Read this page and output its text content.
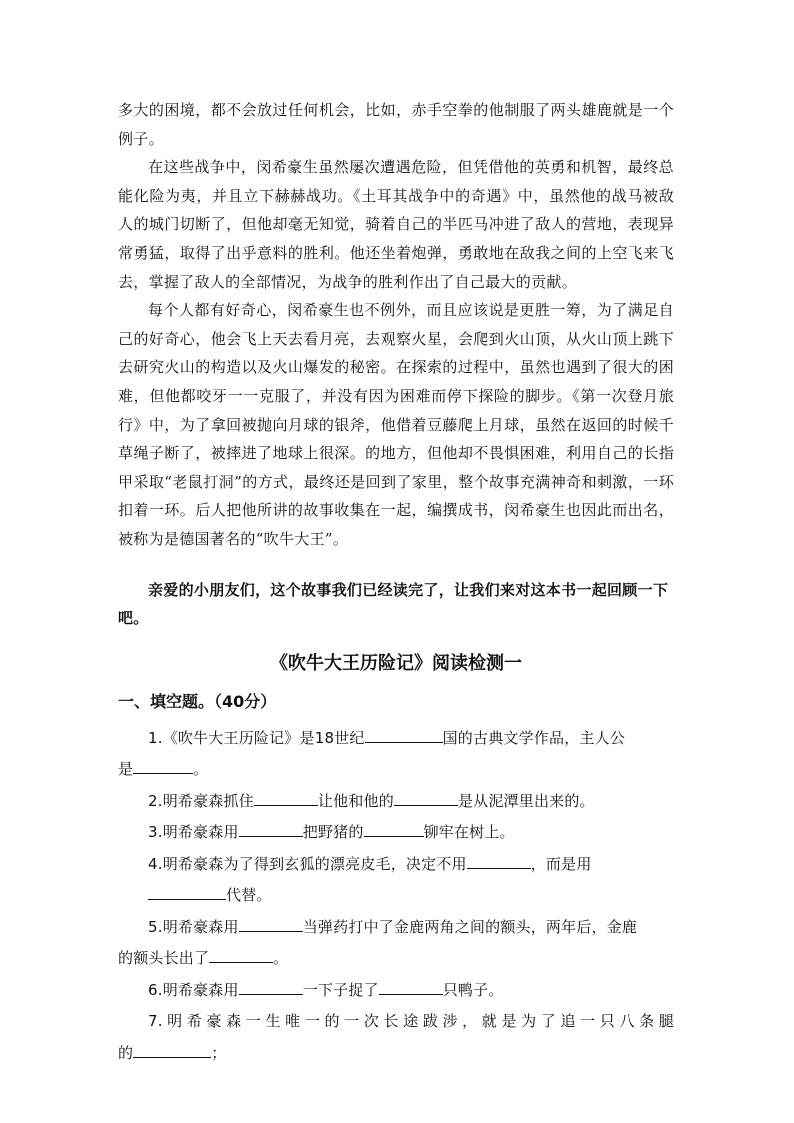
多大的困境，都不会放过任何机会，比如，赤手空拳的他制服了两头雄鹿就是一个例子。

在这些战争中，闵希豪生虽然屡次遭遇危险，但凭借他的英勇和机智，最终总能化险为夷，并且立下赫赫战功。《土耳其战争中的奇遇》中，虽然他的战马被敌人的城门切断了，但他却毫无知觉，骑着自己的半匹马冲进了敌人的营地，表现异常勇猛，取得了出乎意料的胜利。他还坐着炮弹，勇敢地在敌我之间的上空飞来飞去，掌握了敌人的全部情况，为战争的胜利作出了自己最大的贡献。

每个人都有好奇心，闵希豪生也不例外，而且应该说是更胜一筹，为了满足自己的好奇心，他会飞上天去看月亮，去观察火星，会爬到火山顶，从火山顶上跳下去研究火山的构造以及火山爆发的秘密。在探索的过程中，虽然也遇到了很大的困难，但他都咬牙一一克服了，并没有因为困难而停下探险的脚步。《第一次登月旅行》中，为了拿回被抛向月球的银斧，他借着豆藤爬上月球，虽然在返回的时候千草绳子断了，被摔进了地球上很深。的地方，但他却不畏惧困难，利用自己的长指甲采取“老鼠打洞”的方式，最终还是回到了家里，整个故事充满神奇和刺激，一环扣着一环。后人把他所讲的故事收集在一起，编撰成书，闵希豪生也因此而出名，被称为是德国著名的“吹牛大王”。

亲爱的小朋友们，这个故事我们已经读完了，让我们来对这本书一起回顾一下吧。

《吹牛大王历险记》阅读检测一
一、填空题。（40分）

1.《吹牛大王历险记》是18世纪	国的古典文学作品，主人公

是	。

2.明希豪森抓住	让他和他的	是从泥潭里出来的。

3.明希豪森用	把野猪的	铆牢在树上。

4.明希豪森为了得到玄狐的漂亮皮毛，决定不用	，而是用

代替。

5.明希豪森用	当弹药打中了金鹿两角之间的额头，两年后，金鹿

的额头长出了	。

6.明希豪森用	一下子捉了	只鸭子。

7.明希豪森一生唯一的一次长途跋涉，就是为了追一只八条腿

的	；
